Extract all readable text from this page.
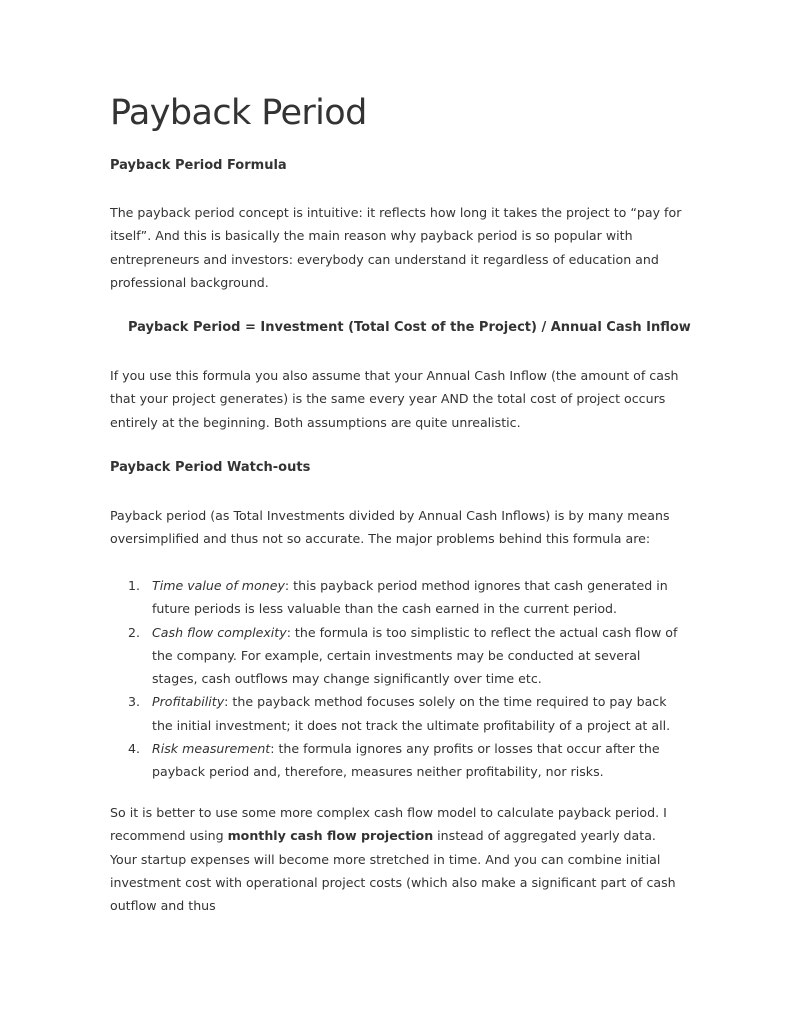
Payback Period
Payback Period Formula

The payback period concept is intuitive: it reflects how long it takes the project to “pay for itself”. And this is basically the main reason why payback period is so popular with entrepreneurs and investors: everybody can understand it regardless of education and professional background.

Payback Period = Investment (Total Cost of the Project) / Annual Cash Inflow

If you use this formula you also assume that your Annual Cash Inflow (the amount of cash that your project generates) is the same every year AND the total cost of project occurs entirely at the beginning. Both assumptions are quite unrealistic.

Payback Period Watch-outs

Payback period (as Total Investments divided by Annual Cash Inflows) is by many means oversimplified and thus not so accurate. The major problems behind this formula are:

1. Time value of money: this payback period method ignores that cash generated in future periods is less valuable than the cash earned in the current period.
2. Cash flow complexity: the formula is too simplistic to reflect the actual cash flow of the company. For example, certain investments may be conducted at several stages, cash outflows may change significantly over time etc.
3. Profitability: the payback method focuses solely on the time required to pay back the initial investment; it does not track the ultimate profitability of a project at all.
4. Risk measurement: the formula ignores any profits or losses that occur after the payback period and, therefore, measures neither profitability, nor risks.

So it is better to use some more complex cash flow model to calculate payback period. I recommend using monthly cash flow projection instead of aggregated yearly data. Your startup expenses will become more stretched in time. And you can combine initial investment cost with operational project costs (which also make a significant part of cash outflow and thus
